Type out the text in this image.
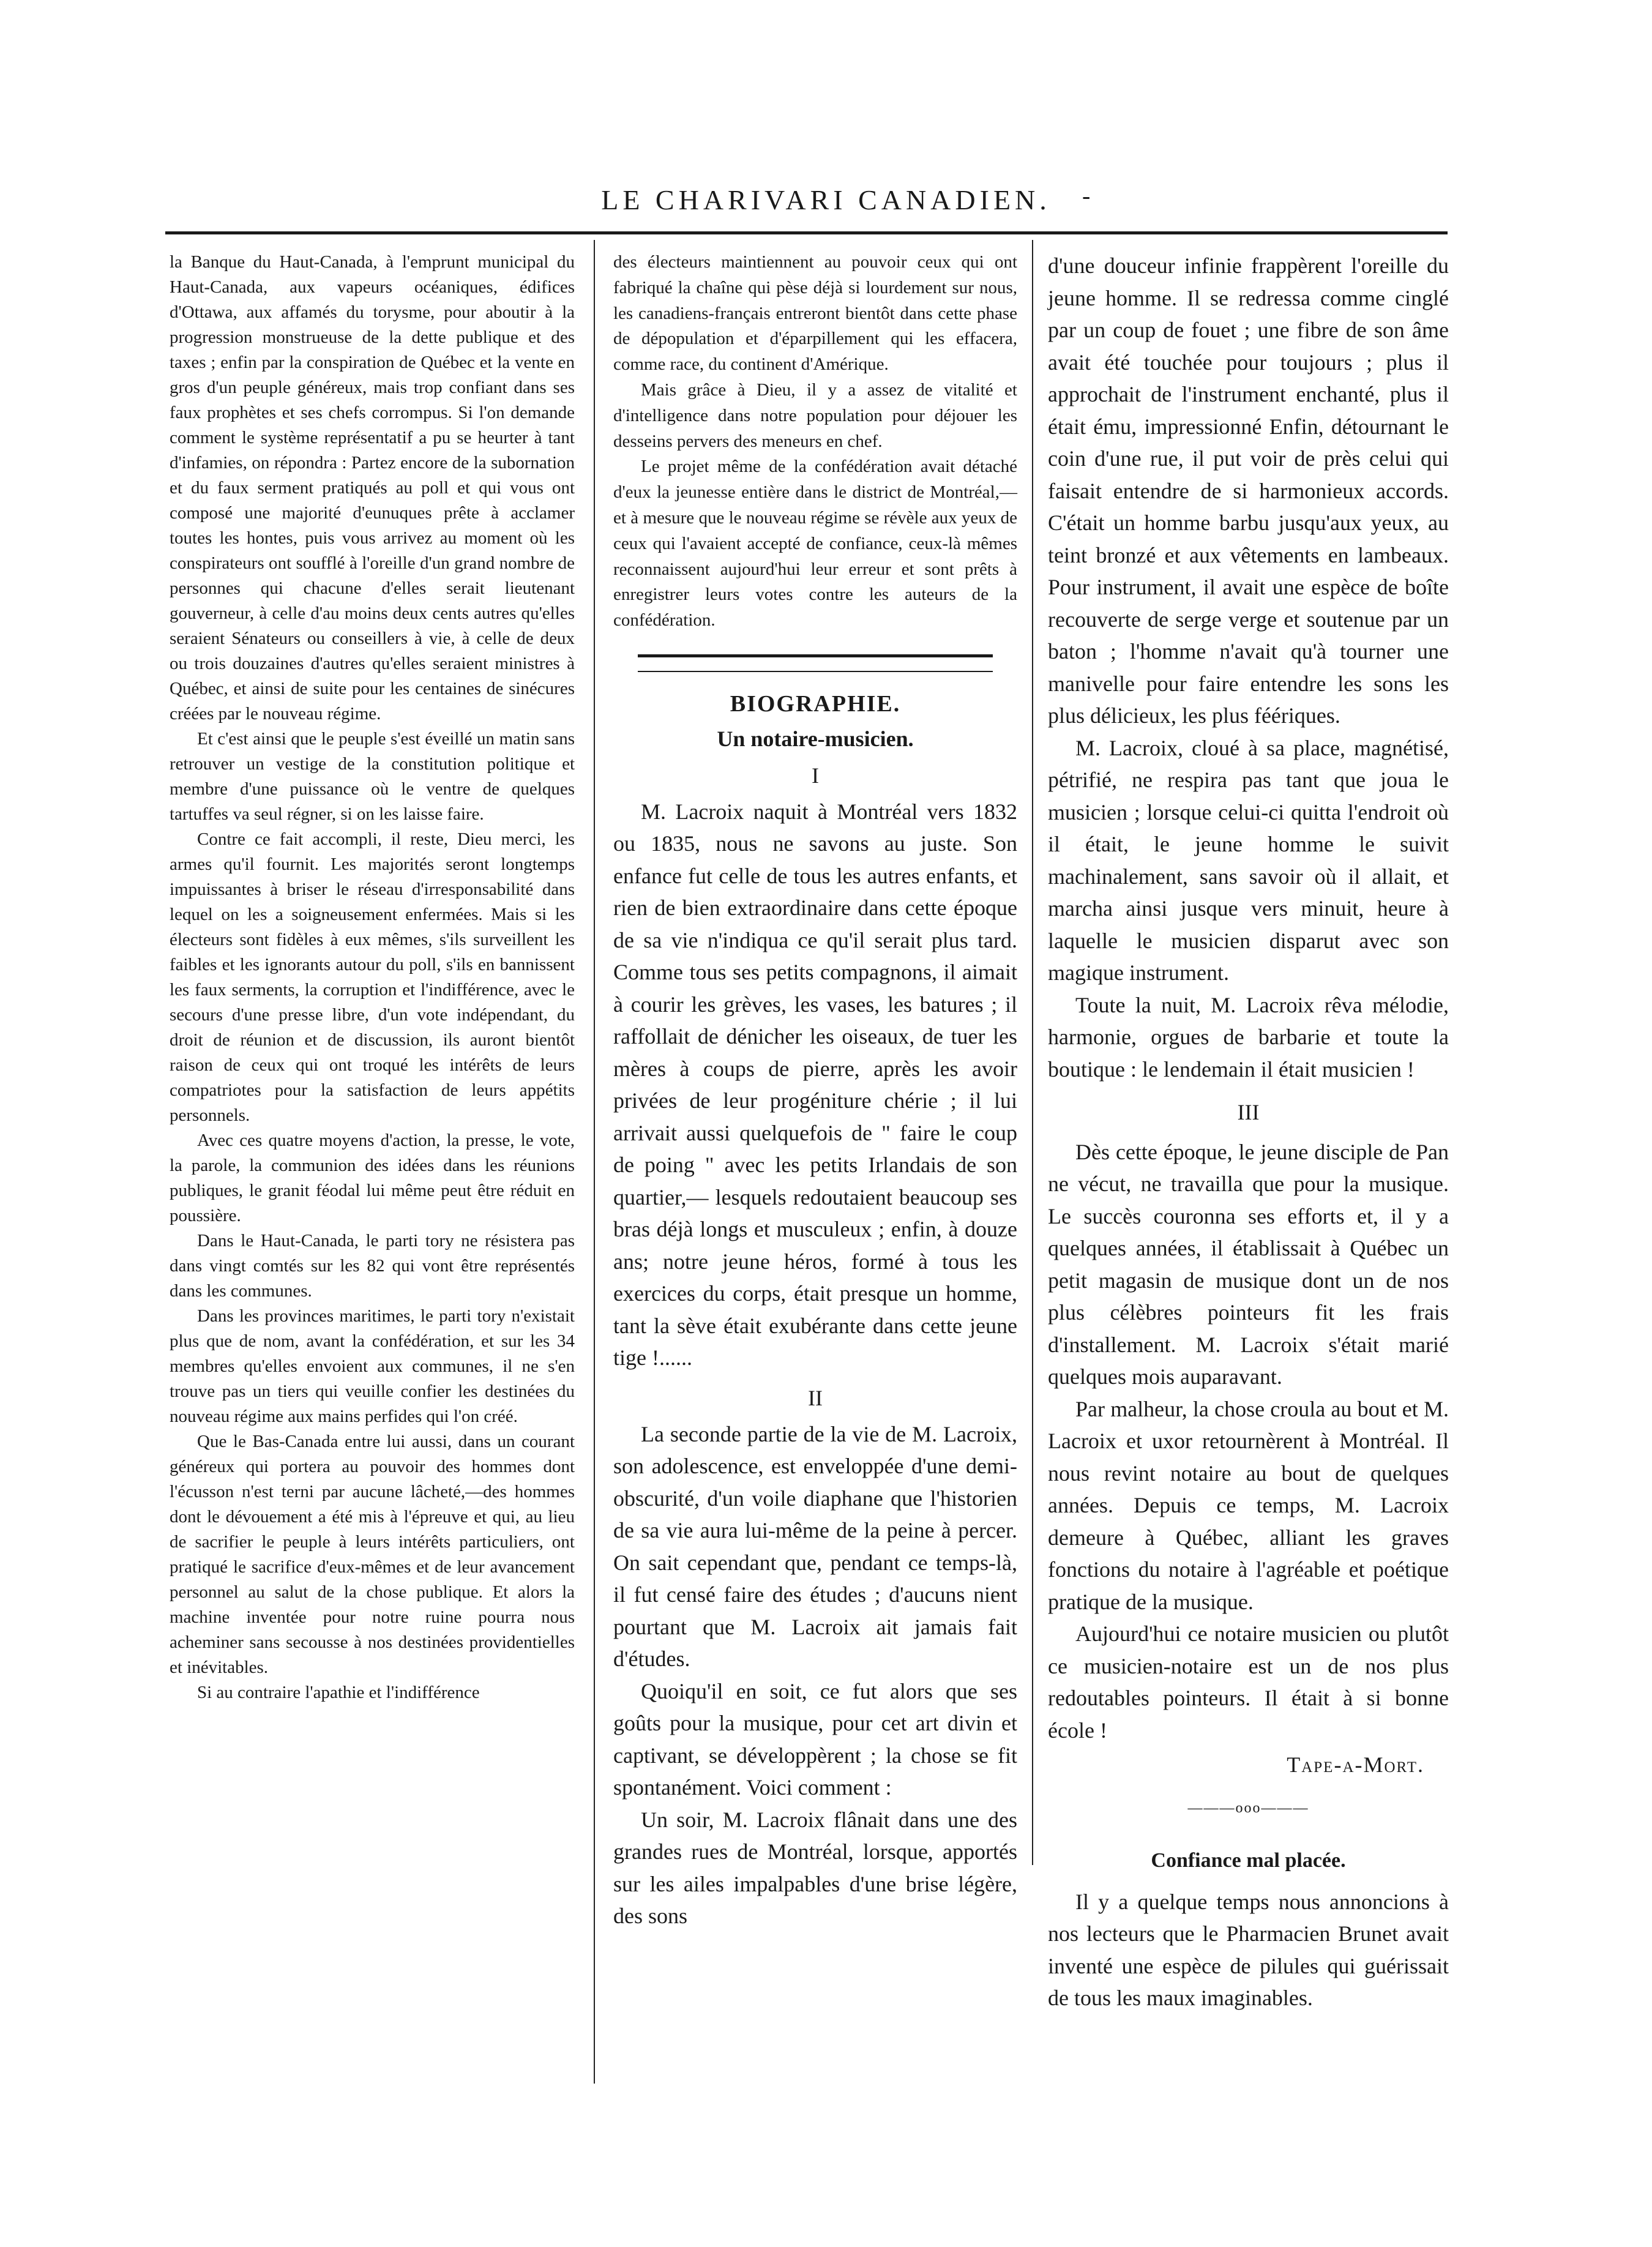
LE CHARIVARI CANADIEN.	-

la Banque du Haut-Canada, à l'emprunt municipal du Haut-Canada, aux vapeurs océaniques, édifices d'Ottawa, aux affamés du torysme, pour aboutir à la progression monstrueuse de la dette publique et des taxes ; enfin par la conspiration de Québec et la vente en gros d'un peuple généreux, mais trop confiant dans ses faux prophètes et ses chefs corrompus. Si l'on demande comment le système représentatif a pu se heurter à tant d'infamies, on répondra : Partez encore de la subornation et du faux serment pratiqués au poll et qui vous ont composé une majorité d'eunuques prête à acclamer toutes les hontes, puis vous arrivez au moment où les conspirateurs ont soufflé à l'oreille d'un grand nombre de personnes qui chacune d'elles serait lieutenant gouverneur, à celle d'au moins deux cents autres qu'elles seraient Sénateurs ou conseillers à vie, à celle de deux ou trois douzaines d'autres qu'elles seraient ministres à Québec, et ainsi de suite pour les centaines de sinécures créées par le nouveau régime.

Et c'est ainsi que le peuple s'est éveillé un matin sans retrouver un vestige de la constitution politique et membre d'une puissance où le ventre de quelques tartuffes va seul régner, si on les laisse faire.

Contre ce fait accompli, il reste, Dieu merci, les armes qu'il fournit. Les majorités seront longtemps impuissantes à briser le réseau d'irresponsabilité dans lequel on les a soigneusement enfermées. Mais si les électeurs sont fidèles à eux mêmes, s'ils surveillent les faibles et les ignorants autour du poll, s'ils en bannissent les faux serments, la corruption et l'indifférence, avec le secours d'une presse libre, d'un vote indépendant, du droit de réunion et de discussion, ils auront bientôt raison de ceux qui ont troqué les intérêts de leurs compatriotes pour la satisfaction de leurs appétits personnels.

Avec ces quatre moyens d'action, la presse, le vote, la parole, la communion des idées dans les réunions publiques, le granit féodal lui même peut être réduit en poussière.

Dans le Haut-Canada, le parti tory ne résistera pas dans vingt comtés sur les 82 qui vont être représentés dans les communes.

Dans les provinces maritimes, le parti tory n'existait plus que de nom, avant la confédération, et sur les 34 membres qu'elles envoient aux communes, il ne s'en trouve pas un tiers qui veuille confier les destinées du nouveau régime aux mains perfides qui l'on créé.

Que le Bas-Canada entre lui aussi, dans un courant généreux qui portera au pouvoir des hommes dont l'écusson n'est terni par aucune lâcheté,—des hommes dont le dévouement a été mis à l'épreuve et qui, au lieu de sacrifier le peuple à leurs intérêts particuliers, ont pratiqué le sacrifice d'eux-mêmes et de leur avancement personnel au salut de la chose publique. Et alors la machine inventée pour notre ruine pourra nous acheminer sans secousse à nos destinées providentielles et inévitables.

Si au contraire l'apathie et l'indifférence

des électeurs maintiennent au pouvoir ceux qui ont fabriqué la chaîne qui pèse déjà si lourdement sur nous, les canadiens-français entreront bientôt dans cette phase de dépopulation et d'éparpillement qui les effacera, comme race, du continent d'Amérique.

Mais grâce à Dieu, il y a assez de vitalité et d'intelligence dans notre population pour déjouer les desseins pervers des meneurs en chef.

Le projet même de la confédération avait détaché d'eux la jeunesse entière dans le district de Montréal,—et à mesure que le nouveau régime se révèle aux yeux de ceux qui l'avaient accepté de confiance, ceux-là mêmes reconnaissent aujourd'hui leur erreur et sont prêts à enregistrer leurs votes contre les auteurs de la confédération.

BIOGRAPHIE.

Un notaire-musicien.

I

M. Lacroix naquit à Montréal vers 1832 ou 1835, nous ne savons au juste. Son enfance fut celle de tous les autres enfants, et rien de bien extraordinaire dans cette époque de sa vie n'indiqua ce qu'il serait plus tard. Comme tous ses petits compagnons, il aimait à courir les grèves, les vases, les batures ; il raffollait de dénicher les oiseaux, de tuer les mères à coups de pierre, après les avoir privées de leur progéniture chérie ; il lui arrivait aussi quelquefois de " faire le coup de poing " avec les petits Irlandais de son quartier,— lesquels redoutaient beaucoup ses bras déjà longs et musculeux ; enfin, à douze ans; notre jeune héros, formé à tous les exercices du corps, était presque un homme, tant la sève était exubérante dans cette jeune tige !......

II

La seconde partie de la vie de M. Lacroix, son adolescence, est enveloppée d'une demi-obscurité, d'un voile diaphane que l'historien de sa vie aura lui-même de la peine à percer. On sait cependant que, pendant ce temps-là, il fut censé faire des études ; d'aucuns nient pourtant que M. Lacroix ait jamais fait d'études.

Quoiqu'il en soit, ce fut alors que ses goûts pour la musique, pour cet art divin et captivant, se développèrent ; la chose se fit spontanément. Voici comment :

Un soir, M. Lacroix flânait dans une des grandes rues de Montréal, lorsque, apportés sur les ailes impalpables d'une brise légère, des sons

d'une douceur infinie frappèrent l'oreille du jeune homme. Il se redressa comme cinglé par un coup de fouet ; une fibre de son âme avait été touchée pour toujours ; plus il approchait de l'instrument enchanté, plus il était ému, impressionné Enfin, détournant le coin d'une rue, il put voir de près celui qui faisait entendre de si harmonieux accords. C'était un homme barbu jusqu'aux yeux, au teint bronzé et aux vêtements en lambeaux. Pour instrument, il avait une espèce de boîte recouverte de serge verge et soutenue par un baton ; l'homme n'avait qu'à tourner une manivelle pour faire entendre les sons les plus délicieux, les plus féériques.

M. Lacroix, cloué à sa place, magnétisé, pétrifié, ne respira pas tant que joua le musicien ; lorsque celui-ci quitta l'endroit où il était, le jeune homme le suivit machinalement, sans savoir où il allait, et marcha ainsi jusque vers minuit, heure à laquelle le musicien disparut avec son magique instrument.

Toute la nuit, M. Lacroix rêva mélodie, harmonie, orgues de barbarie et toute la boutique : le lendemain il était musicien !

III

Dès cette époque, le jeune disciple de Pan ne vécut, ne travailla que pour la musique. Le succès couronna ses efforts et, il y a quelques années, il établissait à Québec un petit magasin de musique dont un de nos plus célèbres pointeurs fit les frais d'installement. M. Lacroix s'était marié quelques mois auparavant.

Par malheur, la chose croula au bout et M. Lacroix et uxor retournèrent à Montréal. Il nous revint notaire au bout de quelques années. Depuis ce temps, M. Lacroix demeure à Québec, alliant les graves fonctions du notaire à l'agréable et poétique pratique de la musique.

Aujourd'hui ce notaire musicien ou plutôt ce musicien-notaire est un de nos plus redoutables pointeurs. Il était à si bonne école !

Tape-a-Mort.

———ooo———

Confiance mal placée.

Il y a quelque temps nous annoncions à nos lecteurs que le Pharmacien Brunet avait inventé une espèce de pilules qui guérissait de tous les maux imaginables.
